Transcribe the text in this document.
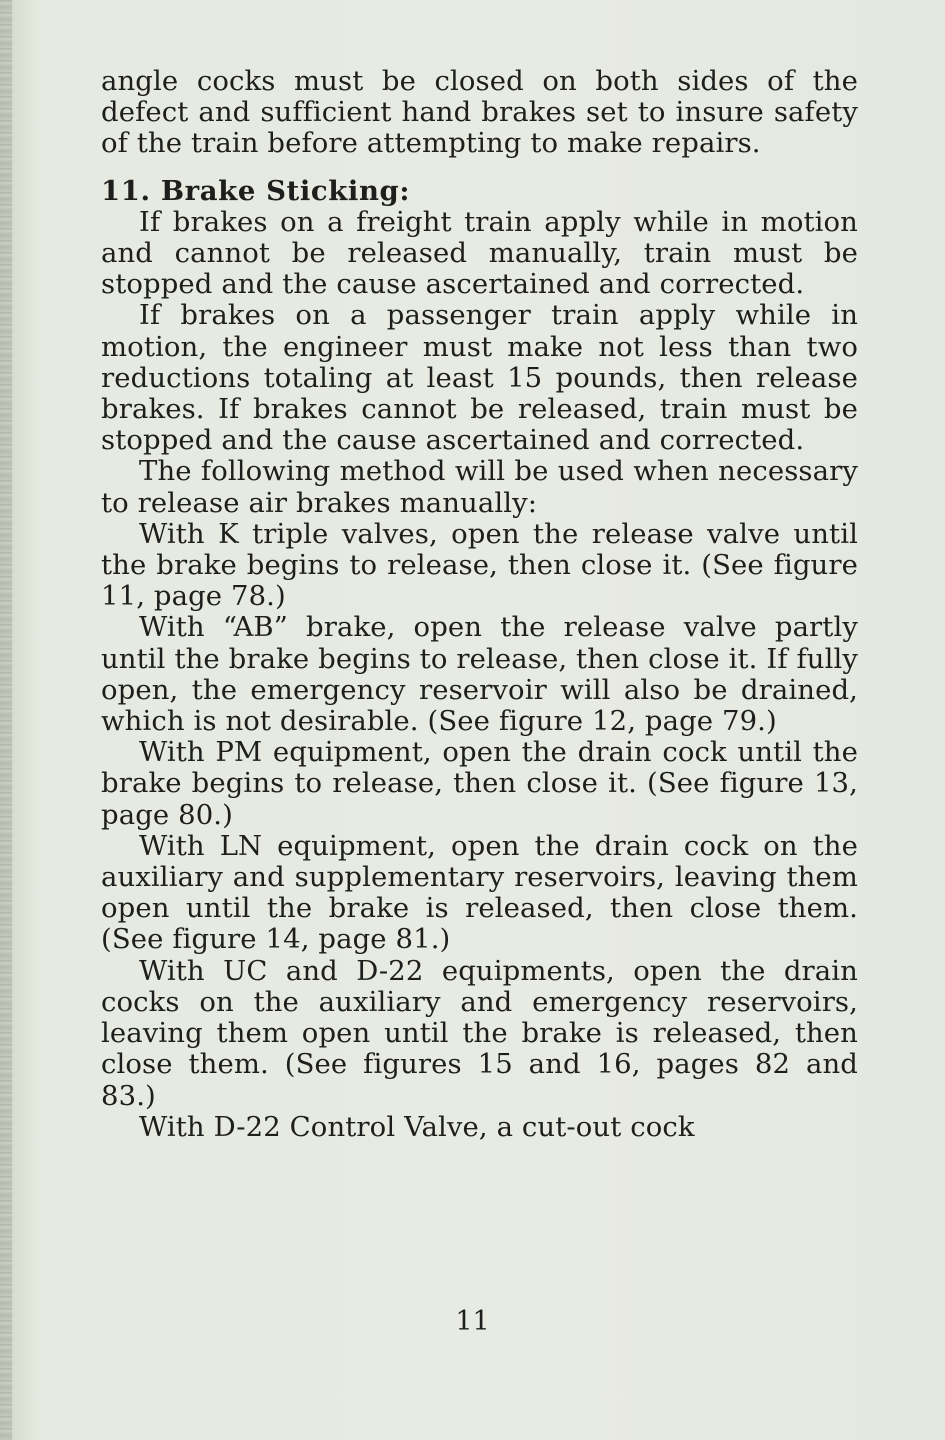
angle cocks must be closed on both sides of the defect and sufficient hand brakes set to insure safety of the train before attempting to make repairs.

11. Brake Sticking:

If brakes on a freight train apply while in motion and cannot be released manually, train must be stopped and the cause ascertained and corrected.

If brakes on a passenger train apply while in motion, the engineer must make not less than two reductions totaling at least 15 pounds, then release brakes. If brakes cannot be released, train must be stopped and the cause ascertained and corrected.

The following method will be used when necessary to release air brakes manually:

With K triple valves, open the release valve until the brake begins to release, then close it. (See figure 11, page 78.)

With “AB” brake, open the release valve partly until the brake begins to release, then close it. If fully open, the emergency reservoir will also be drained, which is not desirable. (See figure 12, page 79.)

With PM equipment, open the drain cock until the brake begins to release, then close it. (See figure 13, page 80.)

With LN equipment, open the drain cock on the auxiliary and supplementary reservoirs, leaving them open until the brake is released, then close them. (See figure 14, page 81.)

With UC and D-22 equipments, open the drain cocks on the auxiliary and emergency reservoirs, leaving them open until the brake is released, then close them. (See figures 15 and 16, pages 82 and 83.)

With D-22 Control Valve, a cut-out cock

11
